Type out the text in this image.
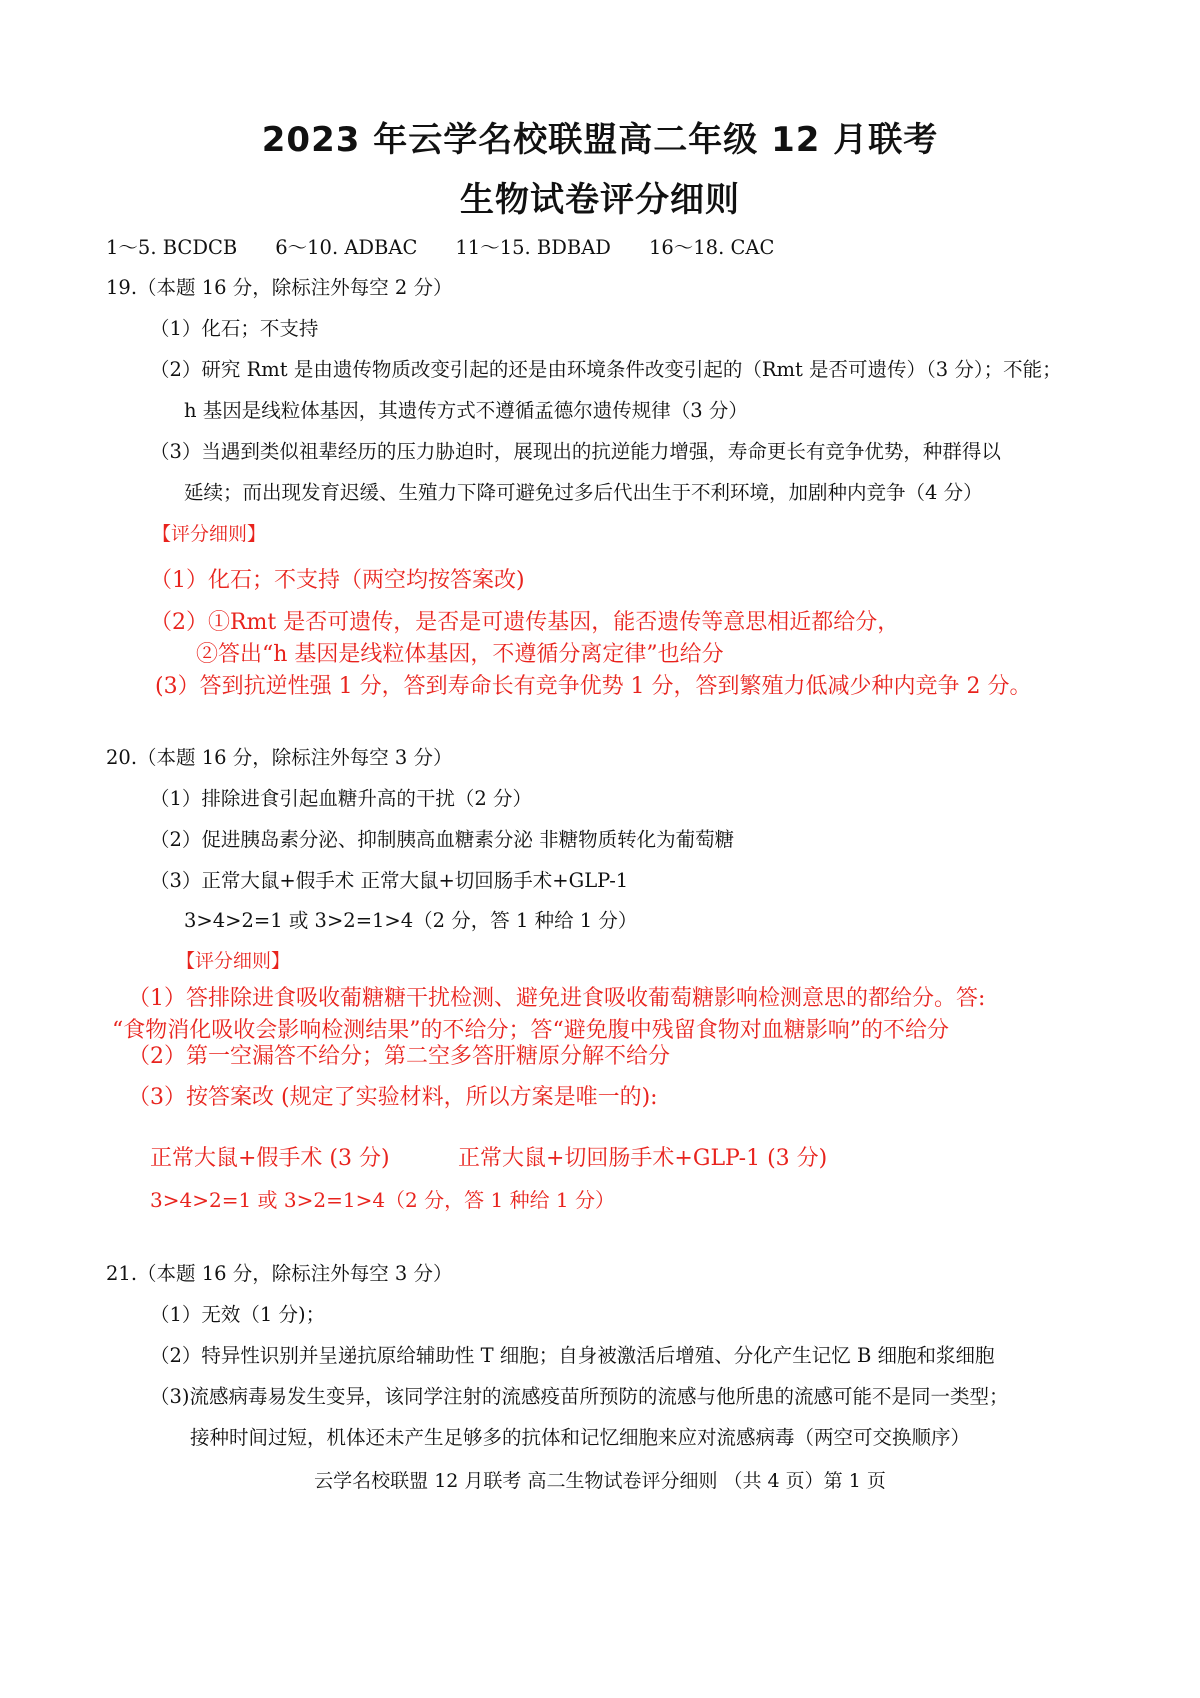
2023 年云学名校联盟高二年级 12 月联考
生物试卷评分细则
1～5. BCDCB 6～10. ADBAC 11～15. BDBAD 16～18. CAC
19.（本题 16 分，除标注外每空 2 分）
（1）化石；不支持
（2）研究 Rmt 是由遗传物质改变引起的还是由环境条件改变引起的（Rmt 是否可遗传）（3 分）；不能；
h 基因是线粒体基因，其遗传方式不遵循孟德尔遗传规律（3 分）
（3）当遇到类似祖辈经历的压力胁迫时，展现出的抗逆能力增强，寿命更长有竞争优势，种群得以
延续；而出现发育迟缓、生殖力下降可避免过多后代出生于不利环境，加剧种内竞争（4 分）
【评分细则】
（1）化石；不支持（两空均按答案改)
（2）①Rmt 是否可遗传，是否是可遗传基因，能否遗传等意思相近都给分，
②答出“h 基因是线粒体基因，不遵循分离定律”也给分
(3）答到抗逆性强 1 分，答到寿命长有竞争优势 1 分，答到繁殖力低减少种内竞争 2 分。
20.（本题 16 分，除标注外每空 3 分）
（1）排除进食引起血糖升高的干扰（2 分）
（2）促进胰岛素分泌、抑制胰高血糖素分泌 非糖物质转化为葡萄糖
（3）正常大鼠+假手术 正常大鼠+切回肠手术+GLP-1
3>4>2=1 或 3>2=1>4（2 分，答 1 种给 1 分）
【评分细则】
（1）答排除进食吸收葡糖糖干扰检测、避免进食吸收葡萄糖影响检测意思的都给分。答:
“食物消化吸收会影响检测结果”的不给分；答“避免腹中残留食物对血糖影响”的不给分
（2）第一空漏答不给分；第二空多答肝糖原分解不给分
（3）按答案改 (规定了实验材料，所以方案是唯一的):
正常大鼠+假手术 (3 分)	正常大鼠+切回肠手术+GLP-1 (3 分)
3>4>2=1 或 3>2=1>4（2 分，答 1 种给 1 分）
21.（本题 16 分，除标注外每空 3 分）
（1）无效（1 分)；
（2）特异性识别并呈递抗原给辅助性 T 细胞；自身被激活后增殖、分化产生记忆 B 细胞和浆细胞
（3)流感病毒易发生变异，该同学注射的流感疫苗所预防的流感与他所患的流感可能不是同一类型；
接种时间过短，机体还未产生足够多的抗体和记忆细胞来应对流感病毒（两空可交换顺序）
云学名校联盟 12 月联考 高二生物试卷评分细则 （共 4 页）第 1 页
